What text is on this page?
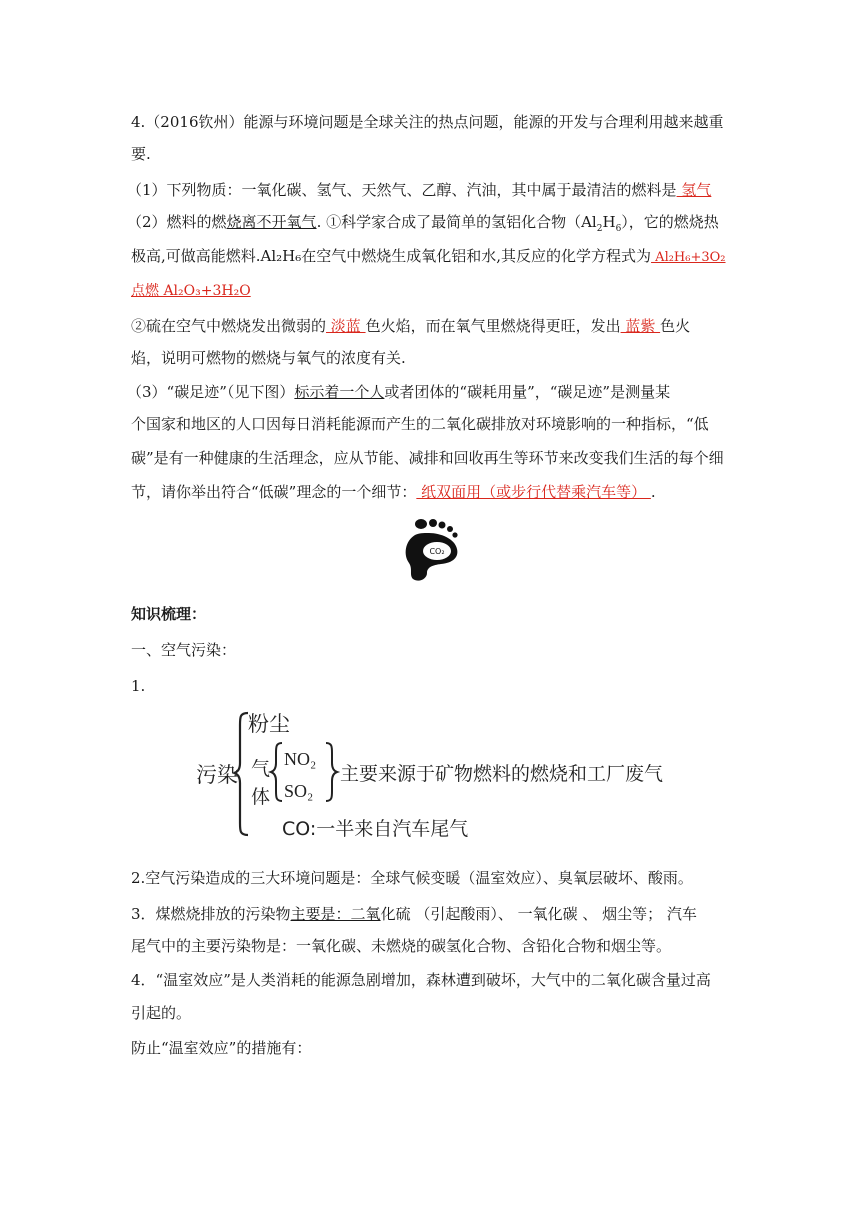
4.（2016钦州）能源与环境问题是全球关注的热点问题，能源的开发与合理利用越来越重
要.
（1）下列物质：一氧化碳、氢气、天然气、乙醇、汽油，其中属于最清洁的燃料是 氢气
（2）燃料的燃烧离不开氧气. ①科学家合成了最简单的氢铝化合物$(Al_2H_6)$，它的燃烧热
极高,可做高能燃料.Al₂H₆在空气中燃烧生成氧化铝和水,其反应的化学方程式为 Al₂H₆+3O₂
点燃 Al₂O₃+3H₂O
②硫在空气中燃烧发出微弱的 淡蓝 色火焰，而在氧气里燃烧得更旺，发出 蓝紫 色火
焰，说明可燃物的燃烧与氧气的浓度有关.
（3）“碳足迹”（见下图）标示着一个人或者团体的“碳耗用量”，“碳足迹”是测量某
个国家和地区的人口因每日消耗能源而产生的二氧化碳排放对环境影响的一种指标，“低
碳”是有一种健康的生活理念，应从节能、减排和回收再生等环节来改变我们生活的每个细
节，请你举出符合“低碳”理念的一个细节： 纸双面用（或步行代替乘汽车等） .
CO₂
知识梳理：
一、空气污染：
1.
污染
粉尘
气
体
NO₂
SO₂
主要来源于矿物燃料的燃烧和工厂废气
CO:一半来自汽车尾气
2.空气污染造成的三大环境问题是：全球气候变暖（温室效应）、臭氧层破坏、酸雨。
3．煤燃烧排放的污染物主要是：二氧化硫 （引起酸雨）、 一氧化碳 、 烟尘等； 汽车
尾气中的主要污染物是：一氧化碳、未燃烧的碳氢化合物、含铅化合物和烟尘等。
4．“温室效应”是人类消耗的能源急剧增加，森林遭到破坏，大气中的二氧化碳含量过高
引起的。
防止“温室效应”的措施有：
